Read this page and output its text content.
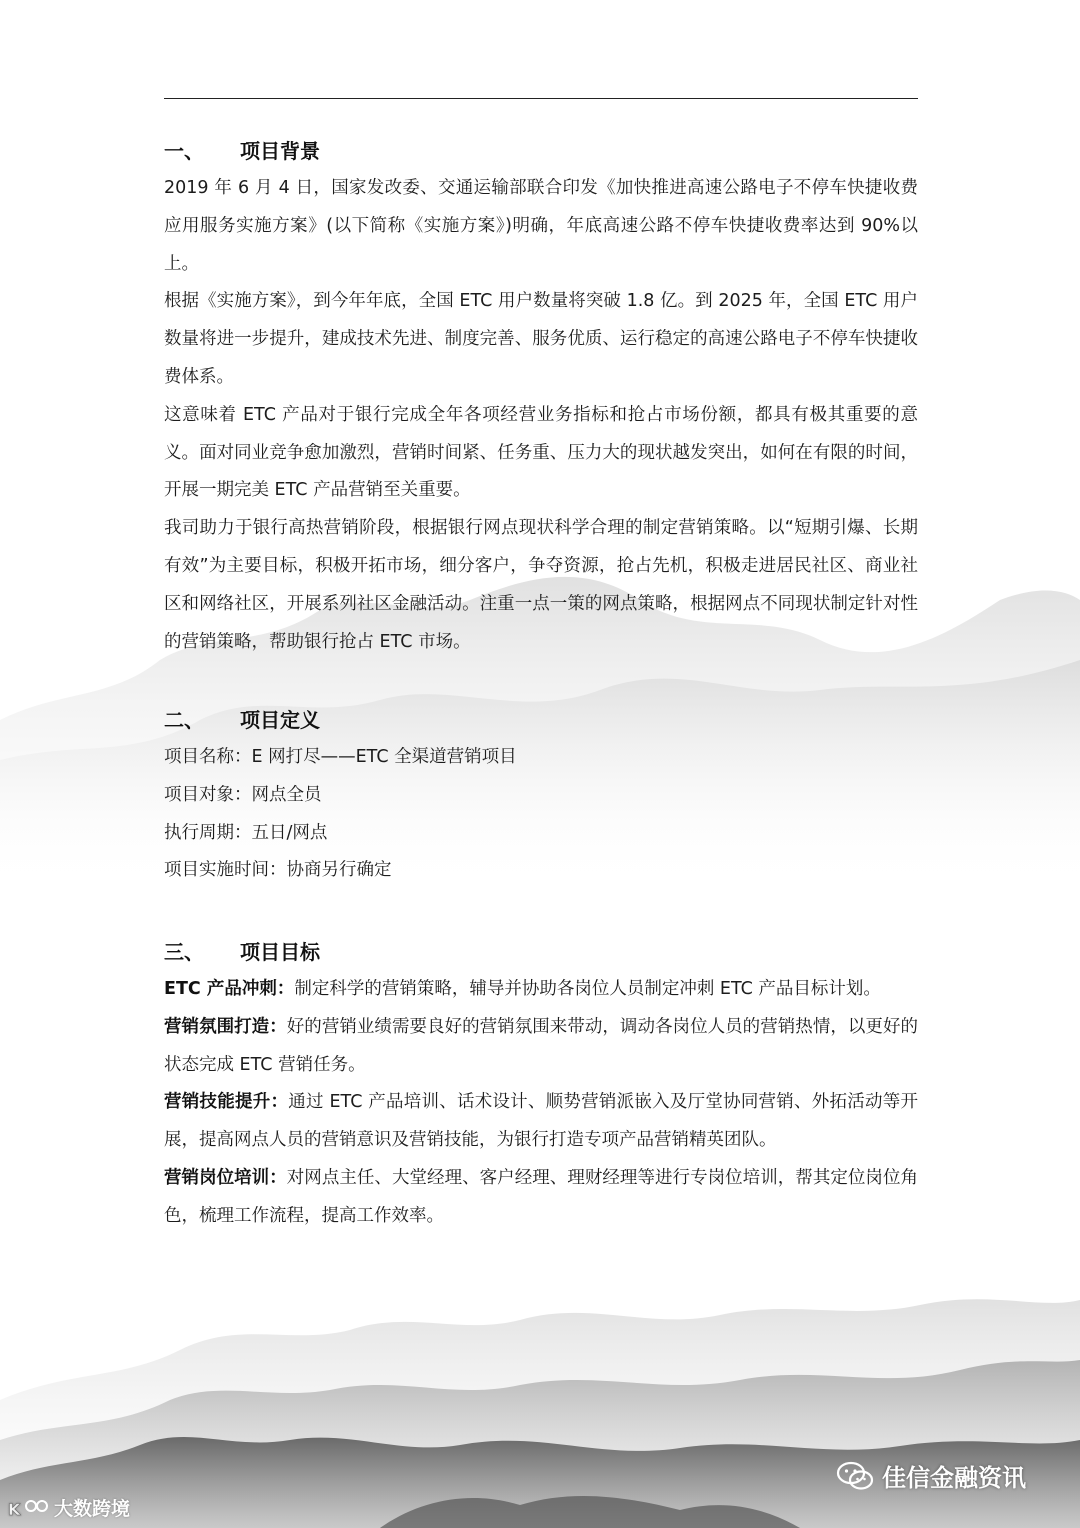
一、	项目背景

2019 年 6 月 4 日，国家发改委、交通运输部联合印发《加快推进高速公路电子不停车快捷收费应用服务实施方案》(以下简称《实施方案》)明确，年底高速公路不停车快捷收费率达到 90%以上。

根据《实施方案》，到今年年底，全国 ETC 用户数量将突破 1.8 亿。到 2025 年，全国 ETC 用户数量将进一步提升，建成技术先进、制度完善、服务优质、运行稳定的高速公路电子不停车快捷收费体系。

这意味着 ETC 产品对于银行完成全年各项经营业务指标和抢占市场份额，都具有极其重要的意义。面对同业竞争愈加激烈，营销时间紧、任务重、压力大的现状越发突出，如何在有限的时间，开展一期完美 ETC 产品营销至关重要。

我司助力于银行高热营销阶段，根据银行网点现状科学合理的制定营销策略。以“短期引爆、长期有效”为主要目标，积极开拓市场，细分客户，争夺资源，抢占先机，积极走进居民社区、商业社区和网络社区，开展系列社区金融活动。注重一点一策的网点策略，根据网点不同现状制定针对性的营销策略，帮助银行抢占 ETC 市场。

二、	项目定义
项目名称：E 网打尽——ETC 全渠道营销项目
项目对象：网点全员
执行周期：五日/网点
项目实施时间：协商另行确定
三、	项目目标

ETC 产品冲刺：制定科学的营销策略，辅导并协助各岗位人员制定冲刺 ETC 产品目标计划。

营销氛围打造：好的营销业绩需要良好的营销氛围来带动，调动各岗位人员的营销热情，以更好的状态完成 ETC 营销任务。

营销技能提升：通过 ETC 产品培训、话术设计、顺势营销派嵌入及厅堂协同营销、外拓活动等开展，提高网点人员的营销意识及营销技能，为银行打造专项产品营销精英团队。

营销岗位培训：对网点主任、大堂经理、客户经理、理财经理等进行专岗位培训，帮其定位岗位角色，梳理工作流程，提高工作效率。

K 大数跨境
佳信金融资讯
